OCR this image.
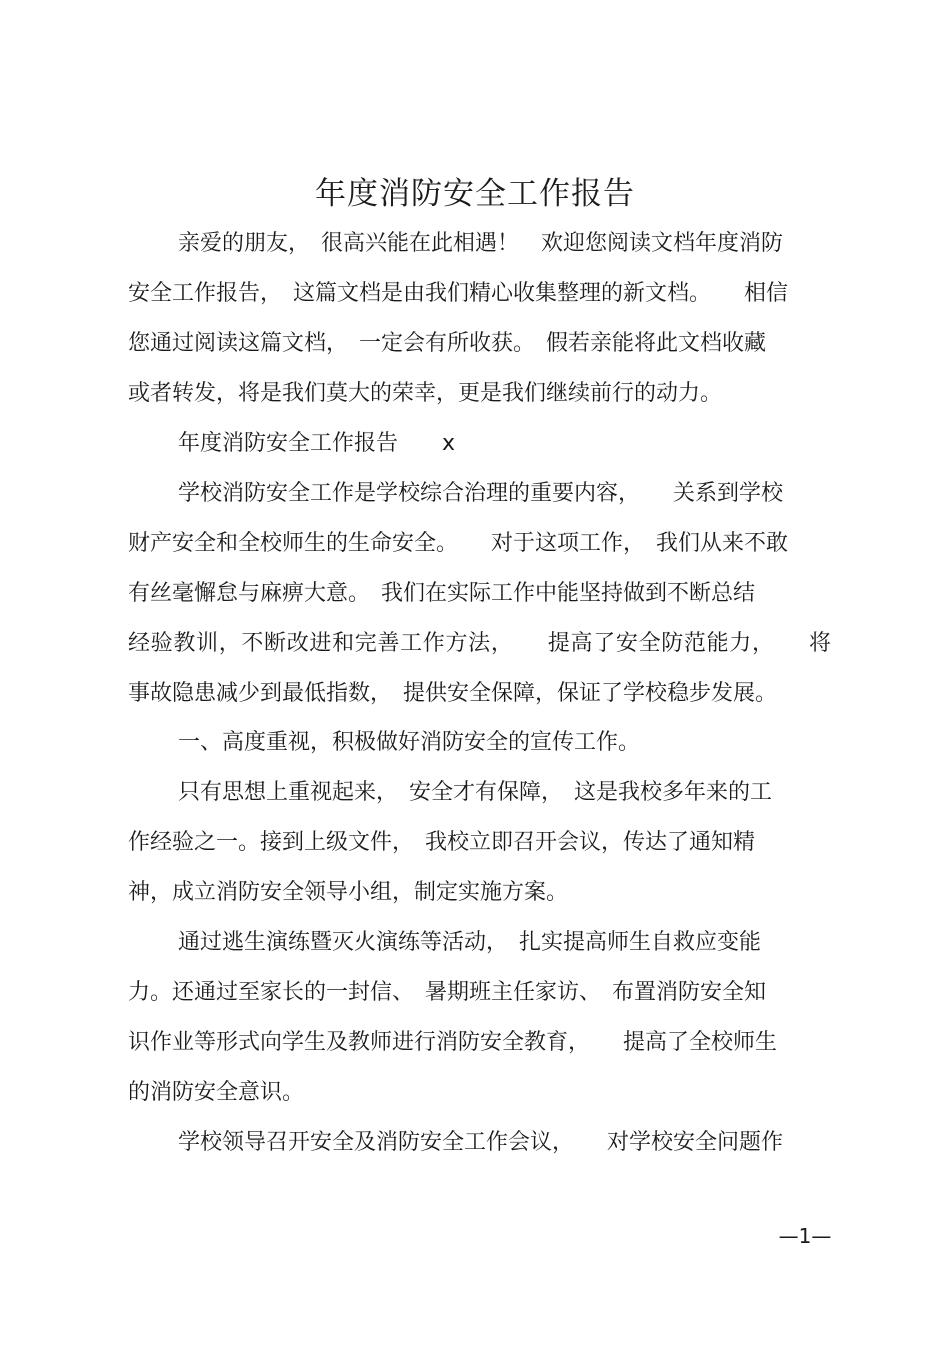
年度消防安全工作报告
亲爱的朋友，　很高兴能在此相遇！　欢迎您阅读文档年度消防
安全工作报告，　这篇文档是由我们精心收集整理的新文档。　　相信
您通过阅读这篇文档，　一定会有所收获。　假若亲能将此文档收藏
或者转发，将是我们莫大的荣幸，更是我们继续前行的动力。
年度消防安全工作报告　　x
学校消防安全工作是学校综合治理的重要内容，　　关系到学校
财产安全和全校师生的生命安全。　　对于这项工作，　我们从来不敢
有丝毫懈怠与麻痹大意。　我们在实际工作中能坚持做到不断总结
经验教训，不断改进和完善工作方法，　　提高了安全防范能力，　　将
事故隐患减少到最低指数，　提供安全保障，保证了学校稳步发展。
一、高度重视，积极做好消防安全的宣传工作。
只有思想上重视起来，　安全才有保障，　这是我校多年来的工
作经验之一。接到上级文件，　我校立即召开会议，传达了通知精
神，成立消防安全领导小组，制定实施方案。
通过逃生演练暨灭火演练等活动，　扎实提高师生自救应变能
力。还通过至家长的一封信、　暑期班主任家访、　布置消防安全知
识作业等形式向学生及教师进行消防安全教育，　　提高了全校师生
的消防安全意识。
学校领导召开安全及消防安全工作会议，　　对学校安全问题作
—1—
